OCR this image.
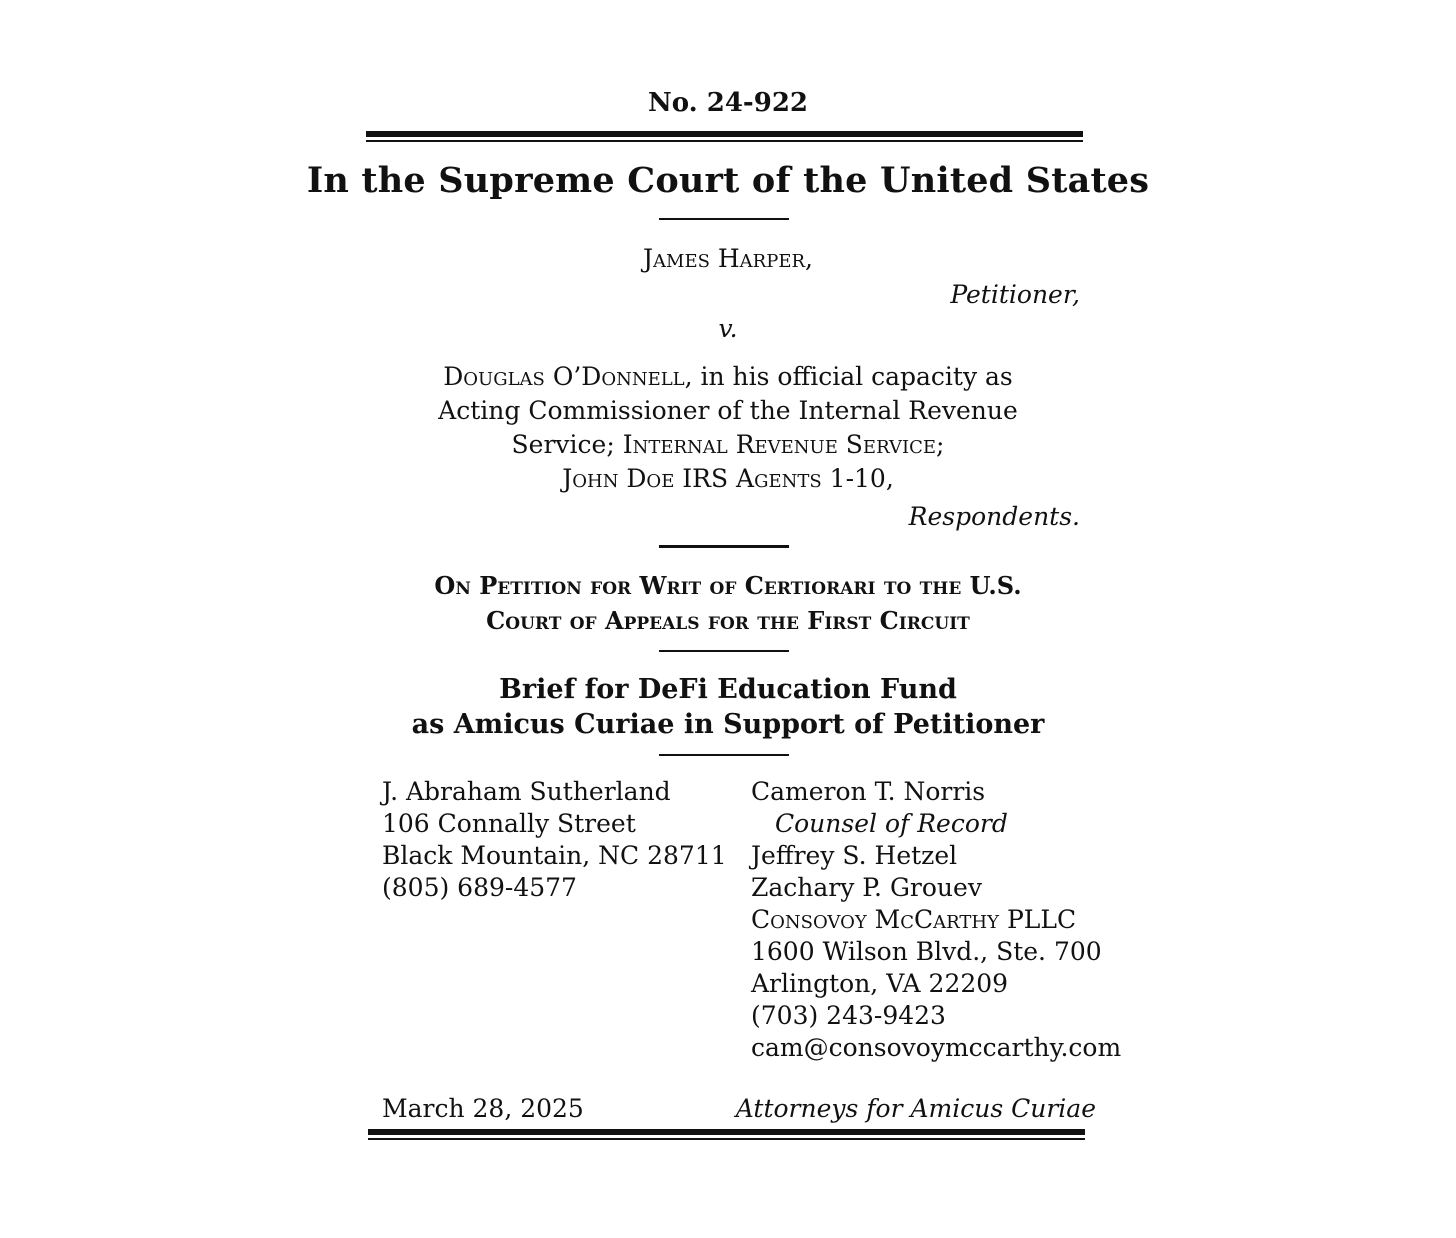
No. 24-922
In the Supreme Court of the United States
James Harper,
Petitioner,
v.
Douglas O’Donnell, in his official capacity as
Acting Commissioner of the Internal Revenue
Service; Internal Revenue Service;
John Doe IRS Agents 1-10,
Respondents.
On Petition for Writ of Certiorari to the U.S.
Court of Appeals for the First Circuit
Brief for DeFi Education Fund
as Amicus Curiae in Support of Petitioner
J. Abraham Sutherland
106 Connally Street
Black Mountain, NC 28711
(805) 689-4577
Cameron T. Norris
Counsel of Record
Jeffrey S. Hetzel
Zachary P. Grouev
Consovoy McCarthy PLLC
1600 Wilson Blvd., Ste. 700
Arlington, VA 22209
(703) 243-9423
cam@consovoymccarthy.com
March 28, 2025	Attorneys for Amicus Curiae
